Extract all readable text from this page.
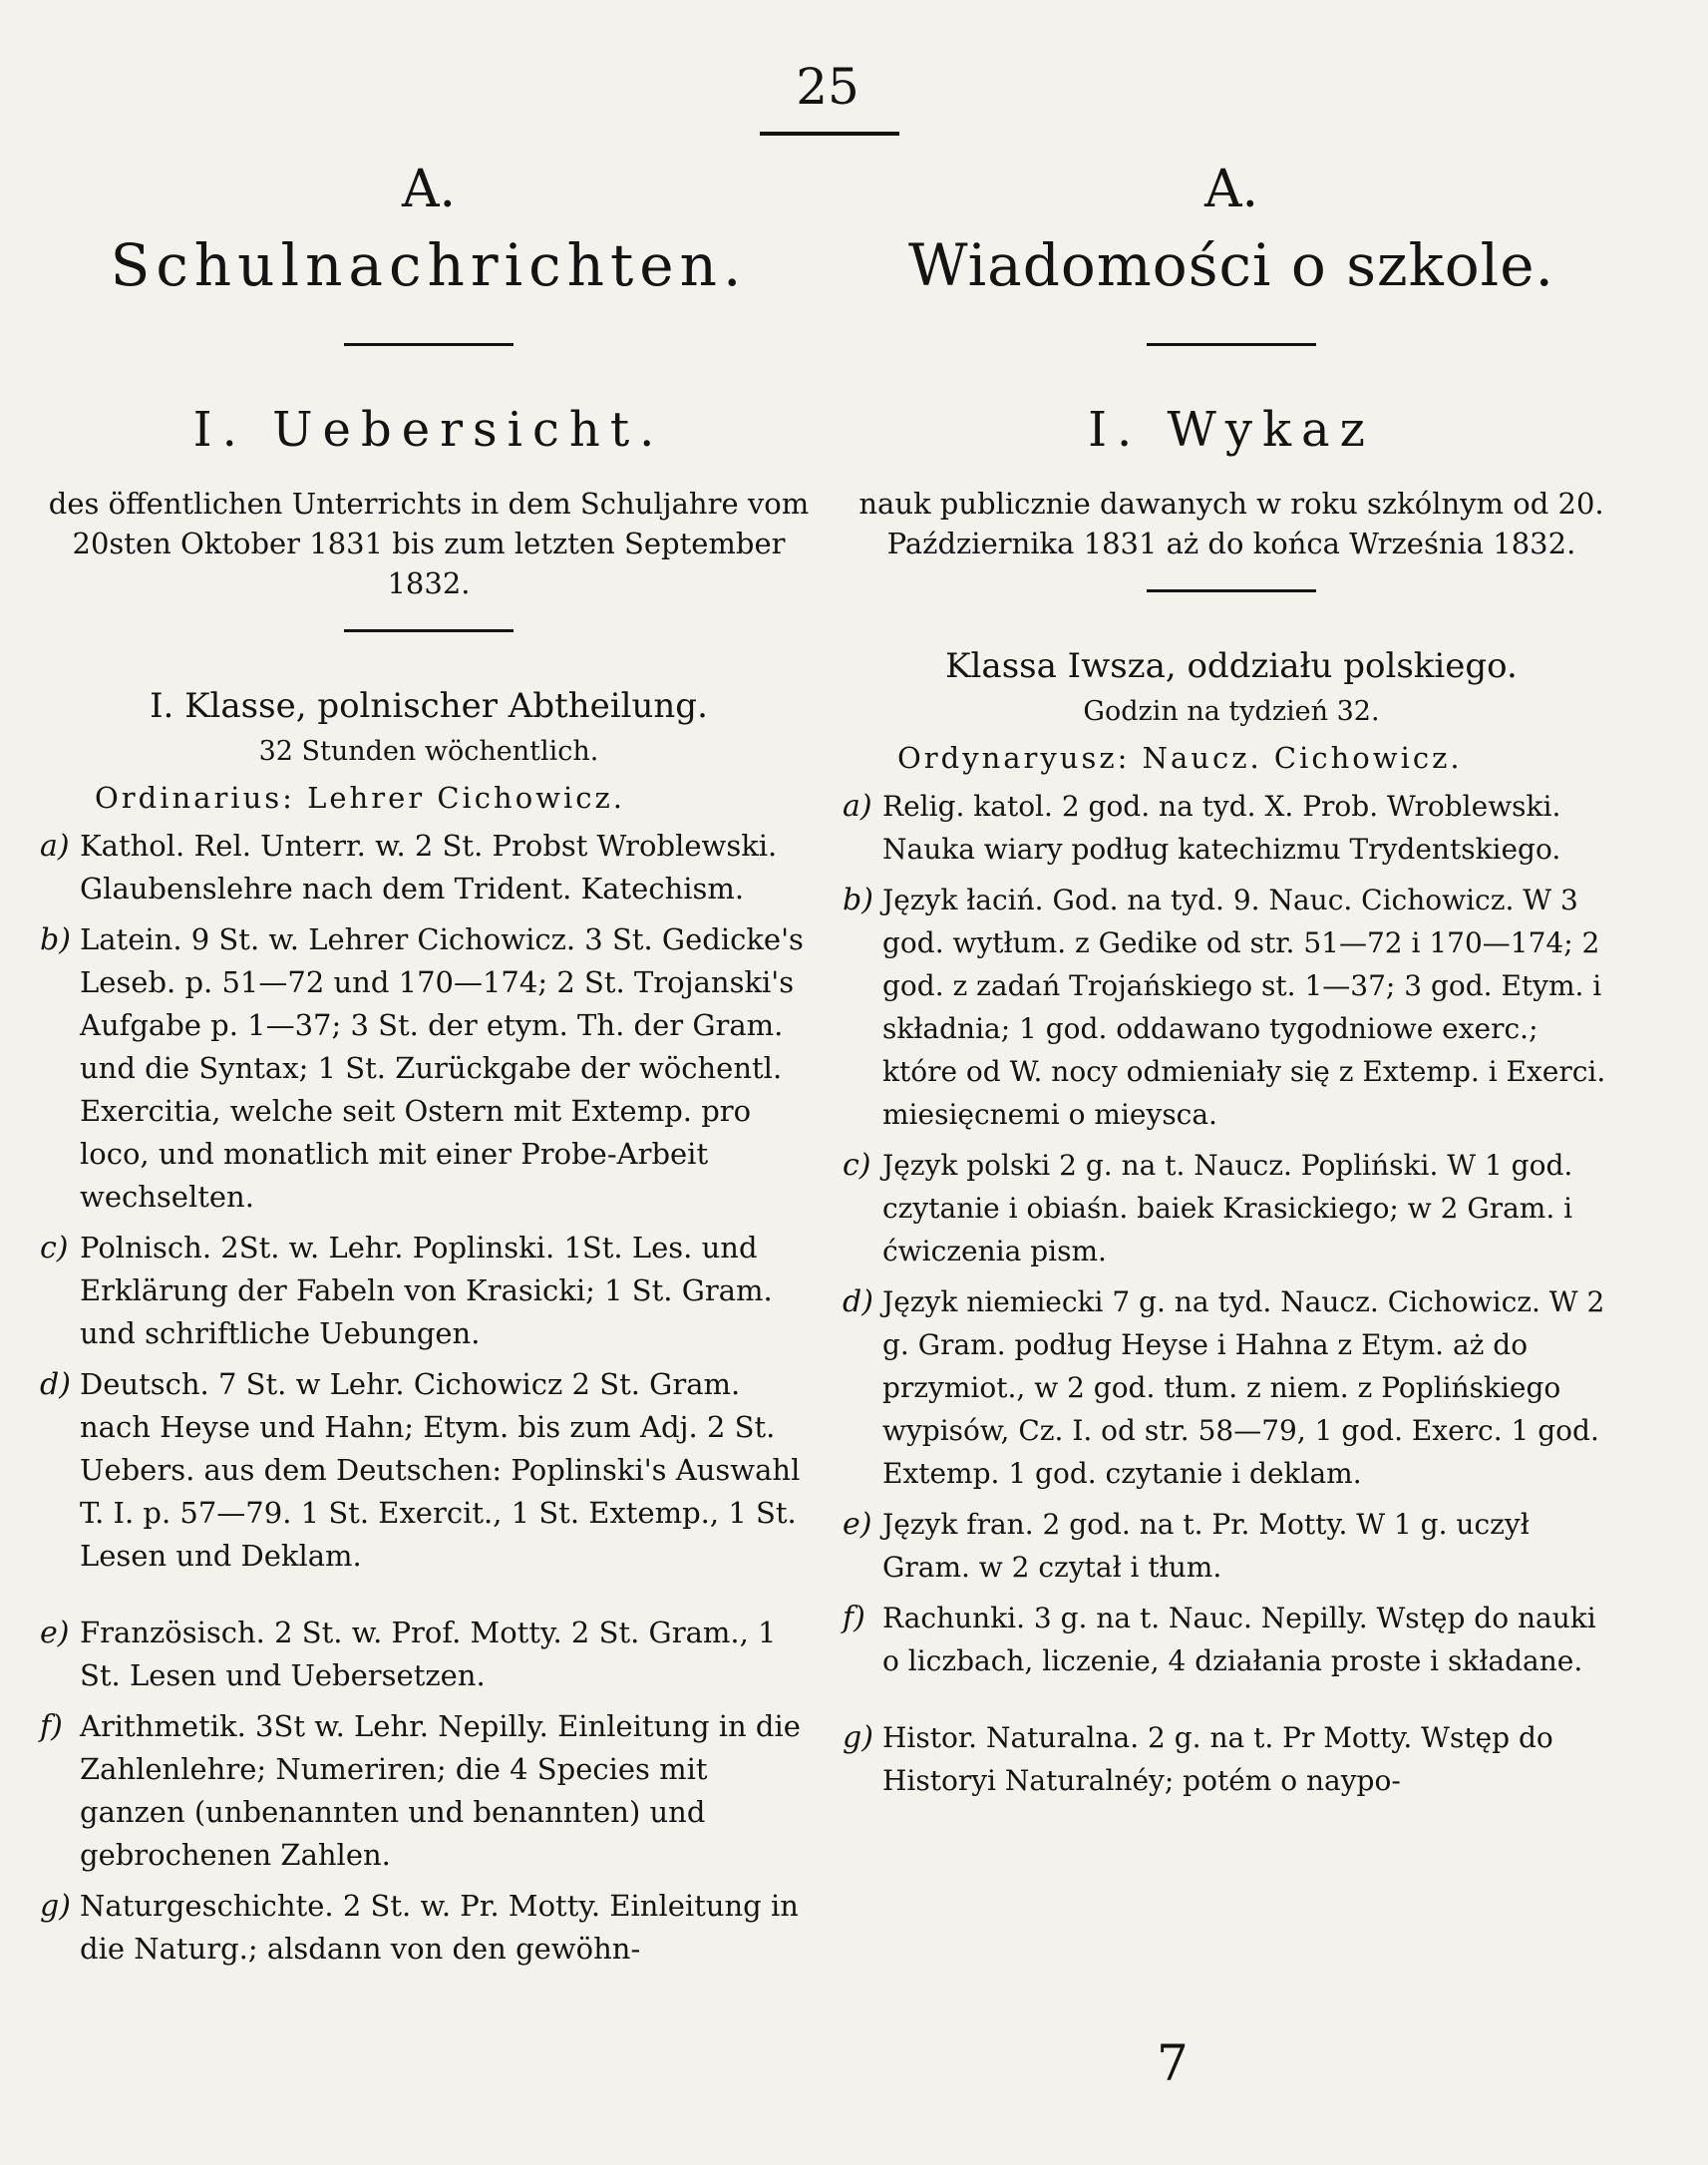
25
A.
Schulnachrichten.
I. Uebersicht.
des öffentlichen Unterrichts in dem Schuljahre vom 20sten Oktober 1831 bis zum letzten September 1832.
I. Klasse, polnischer Abtheilung.
32 Stunden wöchentlich.
Ordinarius: Lehrer Cichowicz.
a) Kathol. Rel. Unterr. w. 2 St. Probst Wroblewski. Glaubenslehre nach dem Trident. Katechism.
b) Latein. 9 St. w. Lehrer Cichowicz. 3 St. Gedicke's Leseb. p. 51—72 und 170—174; 2 St. Trojanski's Aufgabe p. 1—37; 3 St. der etym. Th. der Gram. und die Syntax; 1 St. Zurückgabe der wöchentl. Exercitia, welche seit Ostern mit Extemp. pro loco, und monatlich mit einer Probe-Arbeit wechselten.
c) Polnisch. 2St. w. Lehr. Poplinski. 1St. Les. und Erklärung der Fabeln von Krasicki; 1 St. Gram. und schriftliche Uebungen.
d) Deutsch. 7 St. w Lehr. Cichowicz 2 St. Gram. nach Heyse und Hahn; Etym. bis zum Adj. 2 St. Uebers. aus dem Deutschen: Poplinski's Auswahl T. I. p. 57—79. 1 St. Exercit., 1 St. Extemp., 1 St. Lesen und Deklam.
e) Französisch. 2 St. w. Prof. Motty. 2 St. Gram., 1 St. Lesen und Uebersetzen.
f) Arithmetik. 3St w. Lehr. Nepilly. Einleitung in die Zahlenlehre; Numeriren; die 4 Species mit ganzen (unbenannten und benannten) und gebrochenen Zahlen.
g) Naturgeschichte. 2 St. w. Pr. Motty. Einleitung in die Naturg.; alsdann von den gewöhn-
A.
Wiadomości o szkole.
I. Wykaz
nauk publicznie dawanych w roku szkólnym od 20. Października 1831 aż do końca Września 1832.
Klassa Iwsza, oddziału polskiego.
Godzin na tydzień 32.
Ordynaryusz: Naucz. Cichowicz.
a) Relig. katol. 2 god. na tyd. X. Prob. Wroblewski. Nauka wiary podług katechizmu Trydentskiego.
b) Język łaciń. God. na tyd. 9. Nauc. Cichowicz. W 3 god. wytłum. z Gedike od str. 51—72 i 170—174; 2 god. z zadań Trojańskiego st. 1—37; 3 god. Etym. i składnia; 1 god. oddawano tygodniowe exerc.; które od W. nocy odmieniały się z Extemp. i Exerci. miesięcnemi o mieysca.
c) Język polski 2 g. na t. Naucz. Popliński. W 1 god. czytanie i obiaśn. baiek Krasickiego; w 2 Gram. i ćwiczenia pism.
d) Język niemiecki 7 g. na tyd. Naucz. Cichowicz. W 2 g. Gram. podług Heyse i Hahna z Etym. aż do przymiot., w 2 god. tłum. z niem. z Poplińskiego wypisów, Cz. I. od str. 58—79, 1 god. Exerc. 1 god. Extemp. 1 god. czytanie i deklam.
e) Język fran. 2 god. na t. Pr. Motty. W 1 g. uczył Gram. w 2 czytał i tłum.
f) Rachunki. 3 g. na t. Nauc. Nepilly. Wstęp do nauki o liczbach, liczenie, 4 działania proste i składane.
g) Histor. Naturalna. 2 g. na t. Pr Motty. Wstęp do Historyi Naturalnéy; potém o naypo-
7
